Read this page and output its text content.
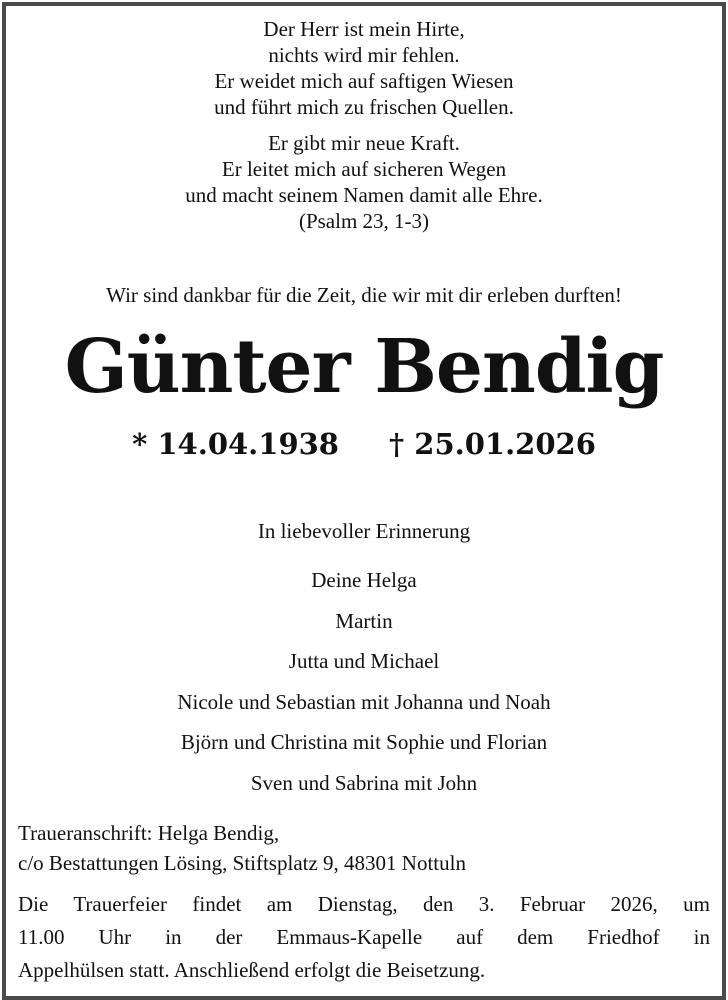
Der Herr ist mein Hirte,
nichts wird mir fehlen.
Er weidet mich auf saftigen Wiesen
und führt mich zu frischen Quellen.
Er gibt mir neue Kraft.
Er leitet mich auf sicheren Wegen
und macht seinem Namen damit alle Ehre.
(Psalm 23, 1-3)
Wir sind dankbar für die Zeit, die wir mit dir erleben durften!
Günter Bendig
* 14.04.1938 † 25.01.2026
In liebevoller Erinnerung
Deine Helga
Martin
Jutta und Michael
Nicole und Sebastian mit Johanna und Noah
Björn und Christina mit Sophie und Florian
Sven und Sabrina mit John
Traueranschrift: Helga Bendig,
c/o Bestattungen Lösing, Stiftsplatz 9, 48301 Nottuln
Die Trauerfeier findet am Dienstag, den 3. Februar 2026, um
11.00 Uhr in der Emmaus-Kapelle auf dem Friedhof in
Appelhülsen statt. Anschließend erfolgt die Beisetzung.
